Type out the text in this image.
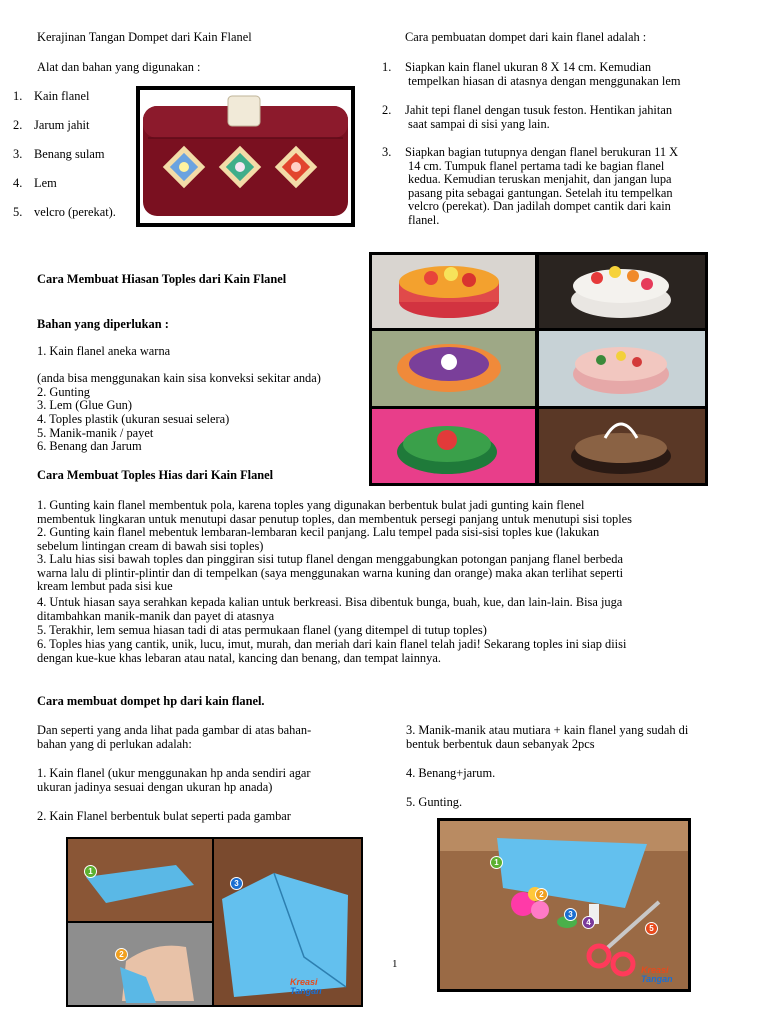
Kerajinan Tangan Dompet dari Kain Flanel
Alat dan bahan yang digunakan :
1. Kain flanel
2. Jarum jahit
3. Benang sulam
4. Lem
5. velcro (perekat).
Cara pembuatan dompet dari kain flanel adalah :
1. Siapkan kain flanel ukuran 8 X 14 cm. Kemudian
tempelkan hiasan di atasnya dengan menggunakan lem
2. Jahit tepi flanel dengan tusuk feston. Hentikan jahitan
saat sampai di sisi yang lain.
3. Siapkan bagian tutupnya dengan flanel berukuran 11 X
14 cm. Tumpuk flanel pertama tadi ke bagian flanel
kedua. Kemudian teruskan menjahit, dan jangan lupa
pasang pita sebagai gantungan. Setelah itu tempelkan
velcro (perekat). Dan jadilah dompet cantik dari kain
flanel.
Cara Membuat Hiasan Toples dari Kain Flanel
Bahan yang diperlukan :
1. Kain flanel aneka warna
(anda bisa menggunakan kain sisa konveksi sekitar anda)
2. Gunting
3. Lem (Glue Gun)
4. Toples plastik (ukuran sesuai selera)
5. Manik-manik / payet
6. Benang dan Jarum
Cara Membuat Toples Hias dari Kain Flanel
1. Gunting kain flanel membentuk pola, karena toples yang digunakan berbentuk bulat jadi gunting kain flenel
membentuk lingkaran untuk menutupi dasar penutup toples, dan membentuk persegi panjang untuk menutupi sisi toples
2. Gunting kain flanel mebentuk lembaran-lembaran kecil panjang. Lalu tempel pada sisi-sisi toples kue (lakukan
sebelum lintingan cream di bawah sisi toples)
3. Lalu hias sisi bawah toples dan pinggiran sisi tutup flanel dengan menggabungkan potongan panjang flanel berbeda
warna lalu di plintir-plintir dan di tempelkan (saya menggunakan warna kuning dan orange) maka akan terlihat seperti
kream lembut pada sisi kue
4. Untuk hiasan saya serahkan kepada kalian untuk berkreasi. Bisa dibentuk bunga, buah, kue, dan lain-lain. Bisa juga
ditambahkan manik-manik dan payet di atasnya
5. Terakhir, lem semua hiasan tadi di atas permukaan flanel (yang ditempel di tutup toples)
6. Toples hias yang cantik, unik, lucu, imut, murah, dan meriah dari kain flanel telah jadi! Sekarang toples ini siap diisi
dengan kue-kue khas lebaran atau natal, kancing dan benang, dan tempat lainnya.
Cara membuat dompet hp dari kain flanel.
Dan seperti yang anda lihat pada gambar di atas bahan-
bahan yang di perlukan adalah:
1. Kain flanel (ukur menggunakan hp anda sendiri agar
ukuran jadinya sesuai dengan ukuran hp anada)
2. Kain Flanel berbentuk bulat seperti pada gambar
3. Manik-manik atau mutiara + kain flanel yang sudah di
bentuk berbentuk daun sebanyak 2pcs
4. Benang+jarum.
5. Gunting.
1
3
2
Kreasi
Tangan
1
1
2
3
4
5
Kreasi
Tangan
